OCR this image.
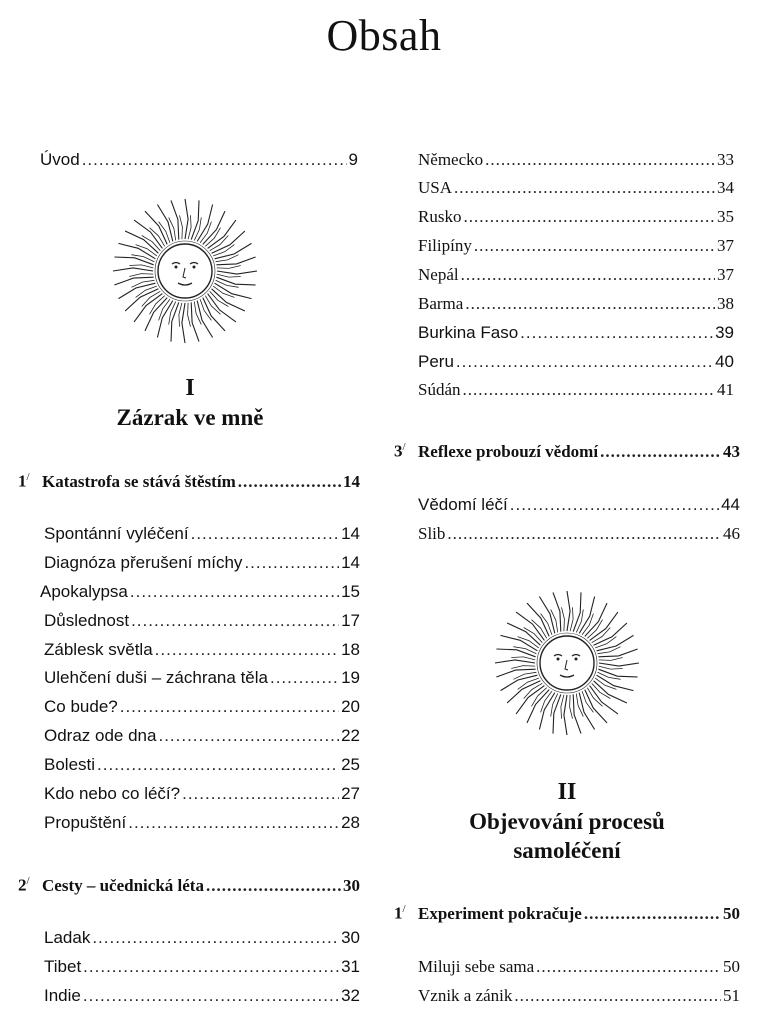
Obsah
Úvod .....	9
I
Zázrak ve mně
1/ Katastrofa se stává štěstím .....	14
Spontánní vyléčení .....	14
Diagnóza přerušení míchy .....	14
Apokalypsa .....	15
Důslednost .....	17
Záblesk světla .....	18
Ulehčení duši – záchrana těla .....	19
Co bude? .....	20
Odraz ode dna .....	22
Bolesti .....	25
Kdo nebo co léčí? .....	27
Propuštění .....	28
2/ Cesty – učednická léta .....	30
Ladak .....	30
Tibet .....	31
Indie .....	32
Německo .....	33
USA .....	34
Rusko .....	35
Filipíny .....	37
Nepál .....	37
Barma .....	38
Burkina Faso .....	39
Peru .....	40
Súdán .....	41
3/ Reflexe probouzí vědomí .....	43
Vědomí léčí .....	44
Slib .....	46
II
Objevování procesů
samoléčení
1/ Experiment pokračuje .....	50
Miluji sebe sama .....	50
Vznik a zánik .....	51
